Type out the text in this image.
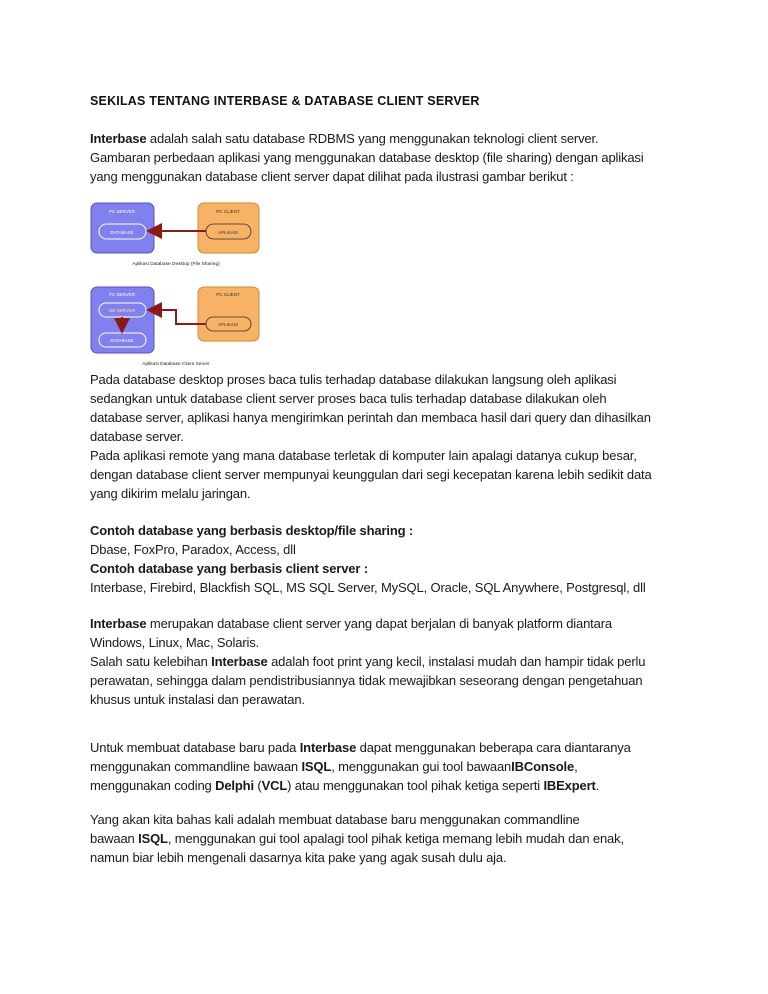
SEKILAS TENTANG INTERBASE & DATABASE CLIENT SERVER

Interbase adalah salah satu database RDBMS yang menggunakan teknologi client server.

Gambaran perbedaan aplikasi yang menggunakan database desktop (file sharing) dengan aplikasi

yang menggunakan database client server dapat dilihat pada ilustrasi gambar berikut :

PC SERVER
DATABASE
PC CLIENT
APLIKASI
Aplikasi Database Desktop (File Sharing)
PC SERVER
DB SERVER
DATABASE
PC CLIENT
APLIKASI
Aplikasi Database Client Server

Pada database desktop proses baca tulis terhadap database dilakukan langsung oleh aplikasi

sedangkan untuk database client server proses baca tulis terhadap database dilakukan oleh

database server, aplikasi hanya mengirimkan perintah dan membaca hasil dari query dan dihasilkan

database server.

Pada aplikasi remote yang mana database terletak di komputer lain apalagi datanya cukup besar,

dengan database client server mempunyai keunggulan dari segi kecepatan karena lebih sedikit data

yang dikirim melalu jaringan.

Contoh database yang berbasis desktop/file sharing :

Dbase, FoxPro, Paradox, Access, dll

Contoh database yang berbasis client server :

Interbase, Firebird, Blackfish SQL, MS SQL Server, MySQL, Oracle, SQL Anywhere, Postgresql, dll

Interbase merupakan database client server yang dapat berjalan di banyak platform diantara

Windows, Linux, Mac, Solaris.

Salah satu kelebihan Interbase adalah foot print yang kecil, instalasi mudah dan hampir tidak perlu

perawatan, sehingga dalam pendistribusiannya tidak mewajibkan seseorang dengan pengetahuan

khusus untuk instalasi dan perawatan.

Untuk membuat database baru pada Interbase dapat menggunakan beberapa cara diantaranya

menggunakan commandline bawaan ISQL, menggunakan gui tool bawaanIBConsole,

menggunakan coding Delphi (VCL) atau menggunakan tool pihak ketiga seperti IBExpert.

Yang akan kita bahas kali adalah membuat database baru menggunakan commandline

bawaan ISQL, menggunakan gui tool apalagi tool pihak ketiga memang lebih mudah dan enak,

namun biar lebih mengenali dasarnya kita pake yang agak susah dulu aja.
